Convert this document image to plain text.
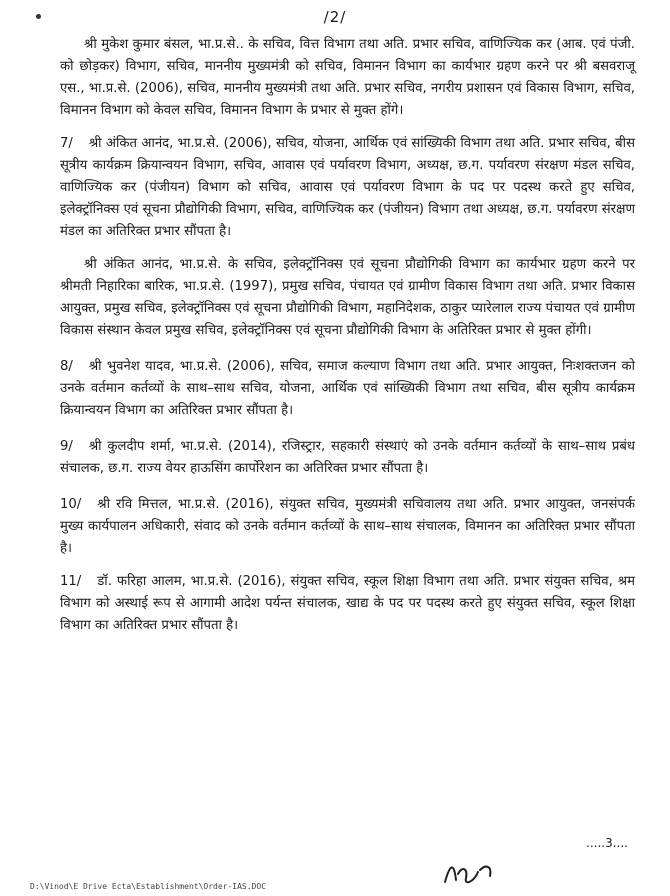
/2/

श्री मुकेश कुमार बंसल, भा.प्र.से.. के सचिव, वित्त विभाग तथा अति. प्रभार सचिव, वाणिज्यिक कर (आब. एवं पंजी. को छोड़कर) विभाग, सचिव, माननीय मुख्यमंत्री को सचिव, विमानन विभाग का कार्यभार ग्रहण करने पर श्री बसवराजू एस., भा.प्र.से. (2006), सचिव, माननीय मुख्यमंत्री तथा अति. प्रभार सचिव, नगरीय प्रशासन एवं विकास विभाग, सचिव, विमानन विभाग को केवल सचिव, विमानन विभाग के प्रभार से मुक्त होंगे।

7/ श्री अंकित आनंद, भा.प्र.से. (2006), सचिव, योजना, आर्थिक एवं सांख्यिकी विभाग तथा अति. प्रभार सचिव, बीस सूत्रीय कार्यक्रम क्रियान्वयन विभाग, सचिव, आवास एवं पर्यावरण विभाग, अध्यक्ष, छ.ग. पर्यावरण संरक्षण मंडल सचिव, वाणिज्यिक कर (पंजीयन) विभाग को सचिव, आवास एवं पर्यावरण विभाग के पद पर पदस्थ करते हुए सचिव, इलेक्ट्रॉनिक्स एवं सूचना प्रौद्योगिकी विभाग, सचिव, वाणिज्यिक कर (पंजीयन) विभाग तथा अध्यक्ष, छ.ग. पर्यावरण संरक्षण मंडल का अतिरिक्त प्रभार सौंपता है।

श्री अंकित आनंद, भा.प्र.से. के सचिव, इलेक्ट्रॉनिक्स एवं सूचना प्रौद्योगिकी विभाग का कार्यभार ग्रहण करने पर श्रीमती निहारिका बारिक, भा.प्र.से. (1997), प्रमुख सचिव, पंचायत एवं ग्रामीण विकास विभाग तथा अति. प्रभार विकास आयुक्त, प्रमुख सचिव, इलेक्ट्रॉनिक्स एवं सूचना प्रौद्योगिकी विभाग, महानिदेशक, ठाकुर प्यारेलाल राज्य पंचायत एवं ग्रामीण विकास संस्थान केवल प्रमुख सचिव, इलेक्ट्रॉनिक्स एवं सूचना प्रौद्योगिकी विभाग के अतिरिक्त प्रभार से मुक्त होंगी।

8/ श्री भुवनेश यादव, भा.प्र.से. (2006), सचिव, समाज कल्याण विभाग तथा अति. प्रभार आयुक्त, निःशक्तजन को उनके वर्तमान कर्तव्यों के साथ–साथ सचिव, योजना, आर्थिक एवं सांख्यिकी विभाग तथा सचिव, बीस सूत्रीय कार्यक्रम क्रियान्वयन विभाग का अतिरिक्त प्रभार सौंपता है।

9/ श्री कुलदीप शर्मा, भा.प्र.से. (2014), रजिस्ट्रार, सहकारी संस्थाएं को उनके वर्तमान कर्तव्यों के साथ–साथ प्रबंध संचालक, छ.ग. राज्य वेयर हाऊसिंग कार्पोरेशन का अतिरिक्त प्रभार सौंपता है।

10/ श्री रवि मित्तल, भा.प्र.से. (2016), संयुक्त सचिव, मुख्यमंत्री सचिवालय तथा अति. प्रभार आयुक्त, जनसंपर्क मुख्य कार्यपालन अधिकारी, संवाद को उनके वर्तमान कर्तव्यों के साथ–साथ संचालक, विमानन का अतिरिक्त प्रभार सौंपता है।

11/ डॉ. फरिहा आलम, भा.प्र.से. (2016), संयुक्त सचिव, स्कूल शिक्षा विभाग तथा अति. प्रभार संयुक्त सचिव, श्रम विभाग को अस्थाई रूप से आगामी आदेश पर्यन्त संचालक, खाद्य के पद पर पदस्थ करते हुए संयुक्त सचिव, स्कूल शिक्षा विभाग का अतिरिक्त प्रभार सौंपता है।

.....3....
D:\Vinod\E Drive Ecta\Establishment\Order-IAS.DOC
